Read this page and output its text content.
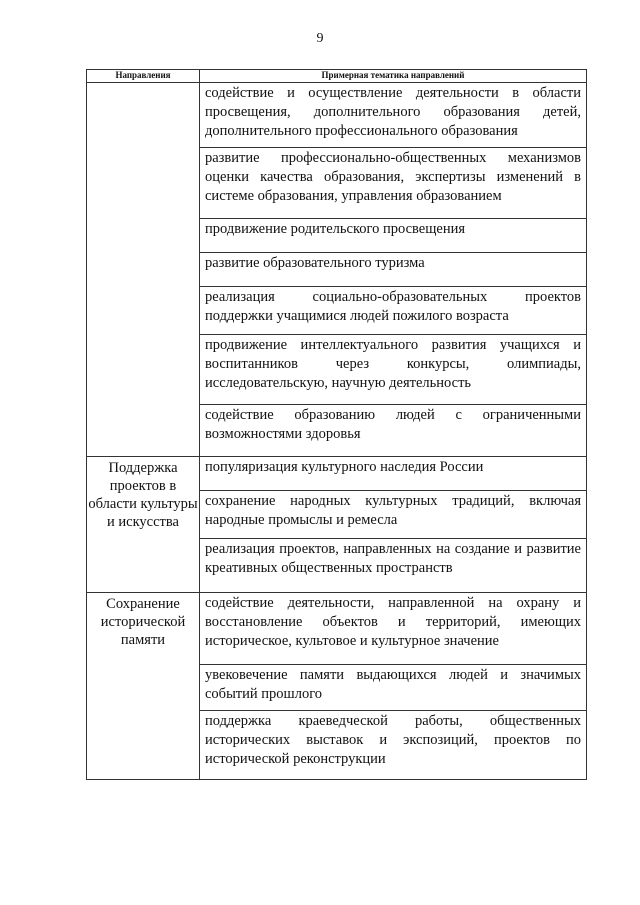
9
Направления	Примерная тематика направлений

	содействие и осуществление деятельности в области просвещения, дополнительного образования детей, дополнительного профессионального образования

	развитие профессионально-общественных механизмов оценки качества образования, экспертизы изменений в системе образования, управления образованием

	продвижение родительского просвещения

	развитие образовательного туризма

	реализация социально-образовательных проектов поддержки учащимися людей пожилого возраста

	продвижение интеллектуального развития учащихся и воспитанников через конкурсы, олимпиады, исследовательскую, научную деятельность

	содействие образованию людей с ограниченными возможностями здоровья

Поддержка проектов в области культуры и искусства	популяризация культурного наследия России

	сохранение народных культурных традиций, включая народные промыслы и ремесла

	реализация проектов, направленных на создание и развитие креативных общественных пространств

Сохранение исторической памяти	содействие деятельности, направленной на охрану и восстановление объектов и территорий, имеющих историческое, культовое и культурное значение

	увековечение памяти выдающихся людей и значимых событий прошлого

	поддержка краеведческой работы, общественных исторических выставок и экспозиций, проектов по исторической реконструкции
